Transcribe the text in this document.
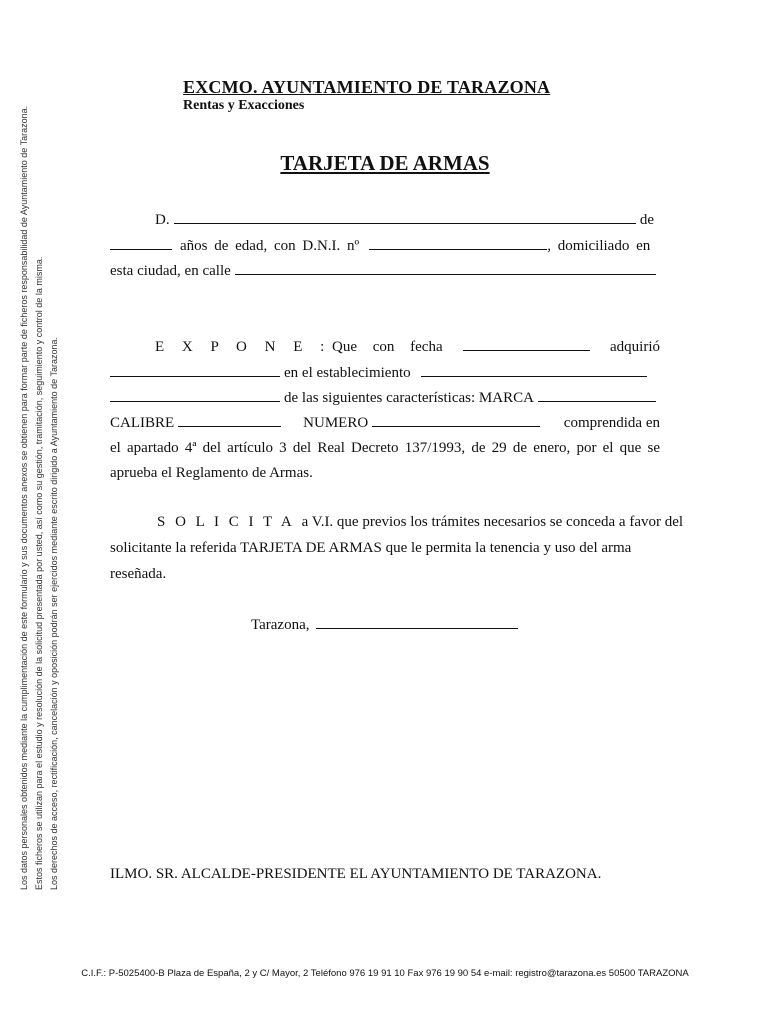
Los datos personales obtenidos mediante la cumplimentación de este formulario y sus documentos anexos se obtienen para formar parte de ficheros responsabilidad de Ayuntamiento de Tarazona. Estos ficheros se utilizan para el estudio y resolución de la solicitud presentada por usted, así como su gestión, tramitación, seguimiento y control de la misma. Los derechos de acceso, rectificación, cancelación y oposición podrán ser ejercidos mediante escrito dirigido a Ayuntamiento de Tarazona.
EXCMO. AYUNTAMIENTO DE TARAZONA
Rentas y Exacciones
TARJETA DE ARMAS
D.	de
años de edad, con D.N.I. nº	, domiciliado en
esta ciudad, en calle
E X P O N E : Que con fecha	adquirió
en el establecimiento
de las siguientes características: MARCA
CALIBRE	NUMERO	comprendida en
el apartado 4ª del artículo 3 del Real Decreto 137/1993, de 29 de enero, por el que se
aprueba el Reglamento de Armas.
S O L I C I T A a V.I. que previos los trámites necesarios se conceda a favor del
solicitante la referida TARJETA DE ARMAS que le permita la tenencia y uso del arma
reseñada.
Tarazona,
ILMO. SR. ALCALDE-PRESIDENTE EL AYUNTAMIENTO DE TARAZONA.
C.I.F.: P-5025400-B Plaza de España, 2 y C/ Mayor, 2 Teléfono 976 19 91 10 Fax 976 19 90 54 e-mail: registro@tarazona.es 50500 TARAZONA
